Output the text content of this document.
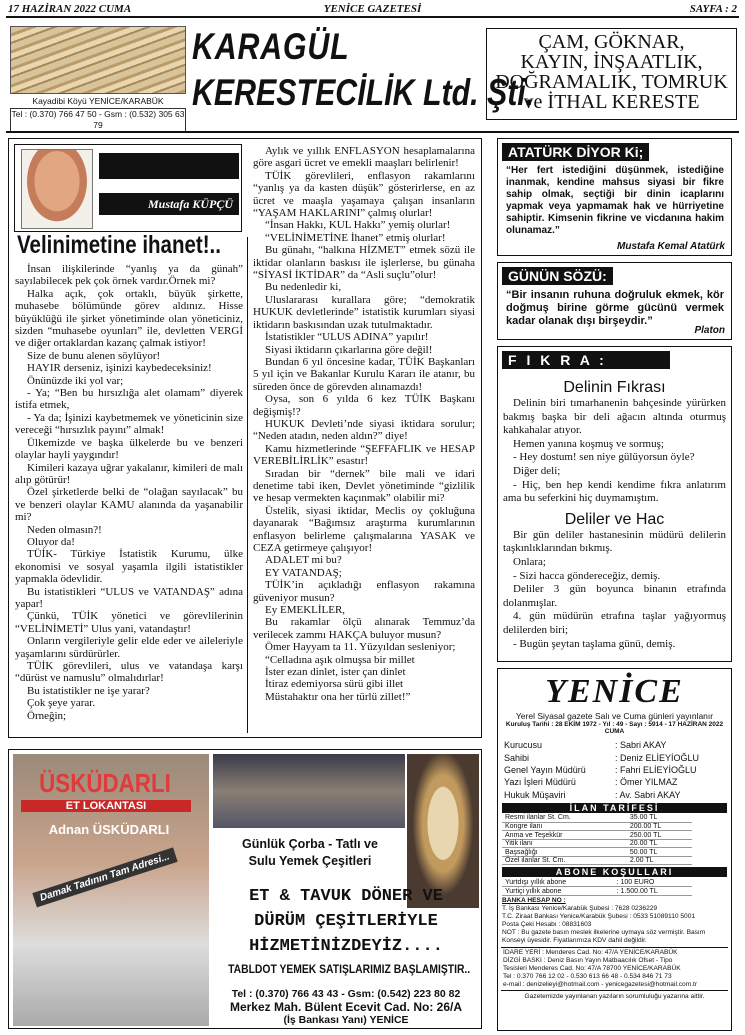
17 HAZİRAN 2022 CUMA	YENİCE GAZETESİ	SAYFA : 2
Kayadibi Köyü YENİCE/KARABÜK
Tel : (0.370) 766 47 50 - Gsm : (0.532) 305 63 79
KARAGÜL
KERESTECİLİK Ltd. Şti.
ÇAM, GÖKNAR,
KAYIN, İNŞAATLIK,
DOĞRAMALIK, TOMRUK
ve İTHAL KERESTE
Mustafa KÜPÇÜ
Velinimetine ihanet!..

İnsan ilişkilerinde “yanlış ya da günah” sayılabilecek pek çok örnek vardır.Örnek mi?

Halka açık, çok ortaklı, büyük şirkette, muhasebe bölümünde görev aldınız. Hisse büyüklüğü ile şirket yönetiminde olan yöneticiniz, sizden “muhasebe oyunları” ile, devletten VERGİ ve diğer ortaklardan kazanç çalmak istiyor!

Size de bunu alenen söylüyor!

HAYIR derseniz, işinizi kaybedeceksiniz!

Önünüzde iki yol var;

- Ya; “Ben bu hırsızlığa alet olamam” diyerek istifa etmek,

- Ya da; İşinizi kaybetmemek ve yöneticinin size vereceği “hırsızlık payını” almak!

Ülkemizde ve başka ülkelerde bu ve benzeri olaylar hayli yaygındır!

Kimileri kazaya uğrar yakalanır, kimileri de malı alıp götürür!

Özel şirketlerde belki de “olağan sayılacak” bu ve benzeri olaylar KAMU alanında da yaşanabilir mi?

Neden olmasın?!

Oluyor da!

TÜİK- Türkiye İstatistik Kurumu, ülke ekonomisi ve sosyal yaşamla ilgili istatistikler yapmakla ödevlidir.

Bu istatistikleri “ULUS ve VATANDAŞ” adına yapar!

Çünkü, TÜİK yönetici ve görevlilerinin “VELİNİMETİ” Ulus yani, vatandaştır!

Onların vergileriyle gelir elde eder ve aileleriyle yaşamlarını sürdürürler.

TÜİK görevlileri, ulus ve vatandaşa karşı “dürüst ve namuslu” olmalıdırlar!

Bu istatistikler ne işe yarar?

Çok şeye yarar.

Örneğin;

Aylık ve yıllık ENFLASYON hesaplamalarına göre asgari ücret ve emekli maaşları belirlenir!

TÜİK görevlileri, enflasyon rakamlarını “yanlış ya da kasten düşük” gösterirlerse, en az ücret ve maaşla yaşamaya çalışan insanların “YAŞAM HAKLARINI” çalmış olurlar!

“İnsan Hakkı, KUL Hakkı” yemiş olurlar!

“VELİNİMETİNE İhanet” etmiş olurlar!

Bu günahı, “halkına HİZMET” etmek sözü ile iktidar olanların baskısı ile işlerlerse, bu günaha “SİYASİ İKTİDAR” da “Asli suçlu”olur!

Bu nedenledir ki,

Uluslararası kurallara göre; “demokratik HUKUK devletlerinde” istatistik kurumları siyasi iktidarın baskısından uzak tutulmaktadır.

İstatistikler “ULUS ADINA” yapılır!

Siyasi iktidarın çıkarlarına göre değil!

Bundan 6 yıl öncesine kadar, TÜİK Başkanları 5 yıl için ve Bakanlar Kurulu Kararı ile atanır, bu süreden önce de görevden alınamazdı!

Oysa, son 6 yılda 6 kez TÜİK Başkanı değişmiş!?

HUKUK Devleti’nde siyasi iktidara sorulur; “Neden atadın, neden aldın?” diye!

Kamu hizmetlerinde “ŞEFFAFLIK ve HESAP VEREBİLİRLİK” esastır!

Sıradan bir “dernek” bile mali ve idari denetime tabi iken, Devlet yönetiminde “gizlilik ve hesap vermekten kaçınmak” olabilir mi?

Üstelik, siyasi iktidar, Meclis oy çokluğuna dayanarak “Bağımsız araştırma kurumlarının enflasyon belirleme çalışmalarına YASAK ve CEZA getirmeye çalışıyor!

ADALET mi bu?

EY VATANDAŞ;

TÜİK’in açıkladığı enflasyon rakamına güveniyor musun?

Ey EMEKLİLER,

Bu rakamlar ölçü alınarak Temmuz’da verilecek zammı HAKÇA buluyor musun?

Ömer Hayyam ta 11. Yüzyıldan sesleniyor;

“Celladına aşık olmuşsa bir millet

İster ezan dinlet, ister çan dinlet

İtiraz edemiyorsa sürü gibi illet

Müstahaktır ona her türlü zillet!”

ATATÜRK DİYOR Ki;
“Her fert istediğini düşünmek, istediğine inanmak, kendine mahsus siyasi bir fikre sahip olmak, seçtiği bir dinin icaplarını yapmak veya yapmamak hak ve hürriyetine sahiptir. Kimsenin fikrine ve vicdanına hakim olunamaz.”
Mustafa Kemal Atatürk
GÜNÜN SÖZÜ:
“Bir insanın ruhuna doğruluk ekmek, kör doğmuş birine görme gücünü vermek kadar olanak dışı birşeydir.”
Platon
F I K R A :
Delinin Fıkrası

Delinin biri tımarhanenin bahçesinde yürürken bakmış başka bir deli ağacın altında oturmuş kahkahalar atıyor.

Hemen yanına koşmuş ve sormuş;

- Hey dostum! sen niye gülüyorsun öyle?

Diğer deli;

- Hiç, ben hep kendi kendime fıkra anlatırım ama bu seferkini hiç duymamıştım.

Deliler ve Hac

Bir gün deliler hastanesinin müdürü delilerin taşkınlıklarından bıkmış.

Onlara;

- Sizi hacca göndereceğiz, demiş.

Deliler 3 gün boyunca binanın etrafında dolanmışlar.

4. gün müdürün etrafına taşlar yağıyormuş delilerden biri;

- Bugün şeytan taşlama günü, demiş.

YENİCE
Yerel Siyasal gazete Salı ve Cuma günleri yayınlanır
Kuruluş Tarihi : 28 EKİM 1972 - Yıl : 49 - Sayı : 5914 - 17 HAZİRAN 2022 CUMA
Kurucusu	: Sabri AKAY
Sahibi	: Deniz ELİEYİOĞLU
Genel Yayın Müdürü	: Fahri ELİEYİOĞLU
Yazı İşleri Müdürü	: Ömer YILMAZ
Hukuk Müşaviri	: Av. Sabri AKAY
İLAN TARİFESİ
Resmi ilanlar St. Cm.	35.00 TL
Kongre ilanı	200.00 TL
Anma ve Teşekkür	250.00 TL
Yitik ilanı	20.00 TL
Başsağlığı	50.00 TL
Özel ilanlar St. Cm.	2.00 TL
ABONE KOŞULLARI
Yurtdışı yıllık abone	: 100 EURO
Yurtiçi yıllık abone	: 1.500.00 TL
BANKA HESAP NO :
T. İş Bankası Yenice/Karabük Şubesi : 7628 0236229
T.C. Ziraat Bankası Yenice/Karabük Şubesi : 0533 51089110 5001
Posta Çeki Hesabı : 08831603
NOT : Bu gazete basın meslek ilkelerine uymaya söz vermiştir. Basım Konseyi üyesidir. Fiyatlarımıza KDV dahil değildir.
İDARE YERİ : Menderes Cad. No: 47/A YENİCE/KARABÜK
DİZGİ BASKI : Deniz Basın Yayın Matbaacılık Ofset - Tipo
Tesisleri Menderes Cad. No: 47/A 78700 YENİCE/KARABÜK
Tel : 0.370 766 12 02 - 0.530 613 66 48 - 0.534 846 71 73
e-mail : denizelieyi@hotmail.com - yenicegazetesi@hotmail.com.tr
Gazetemizde yayınlanan yazıların sorumluluğu yazarına aittir.
ÜSKÜDARLI
ET LOKANTASI
Adnan ÜSKÜDARLI
Damak Tadının Tam Adresi...
Günlük Çorba - Tatlı ve
Sulu Yemek Çeşitleri
ET & TAVUK DÖNER VE
DÜRÜM ÇEŞİTLERİYLE
HİZMETİNİZDEYİZ....
TABLDOT YEMEK SATIŞLARIMIZ BAŞLAMIŞTIR..
Tel : (0.370) 766 43 43 - Gsm: (0.542) 223 80 82
Merkez Mah. Bülent Ecevit Cad. No: 26/A
(İş Bankası Yanı) YENİCE
